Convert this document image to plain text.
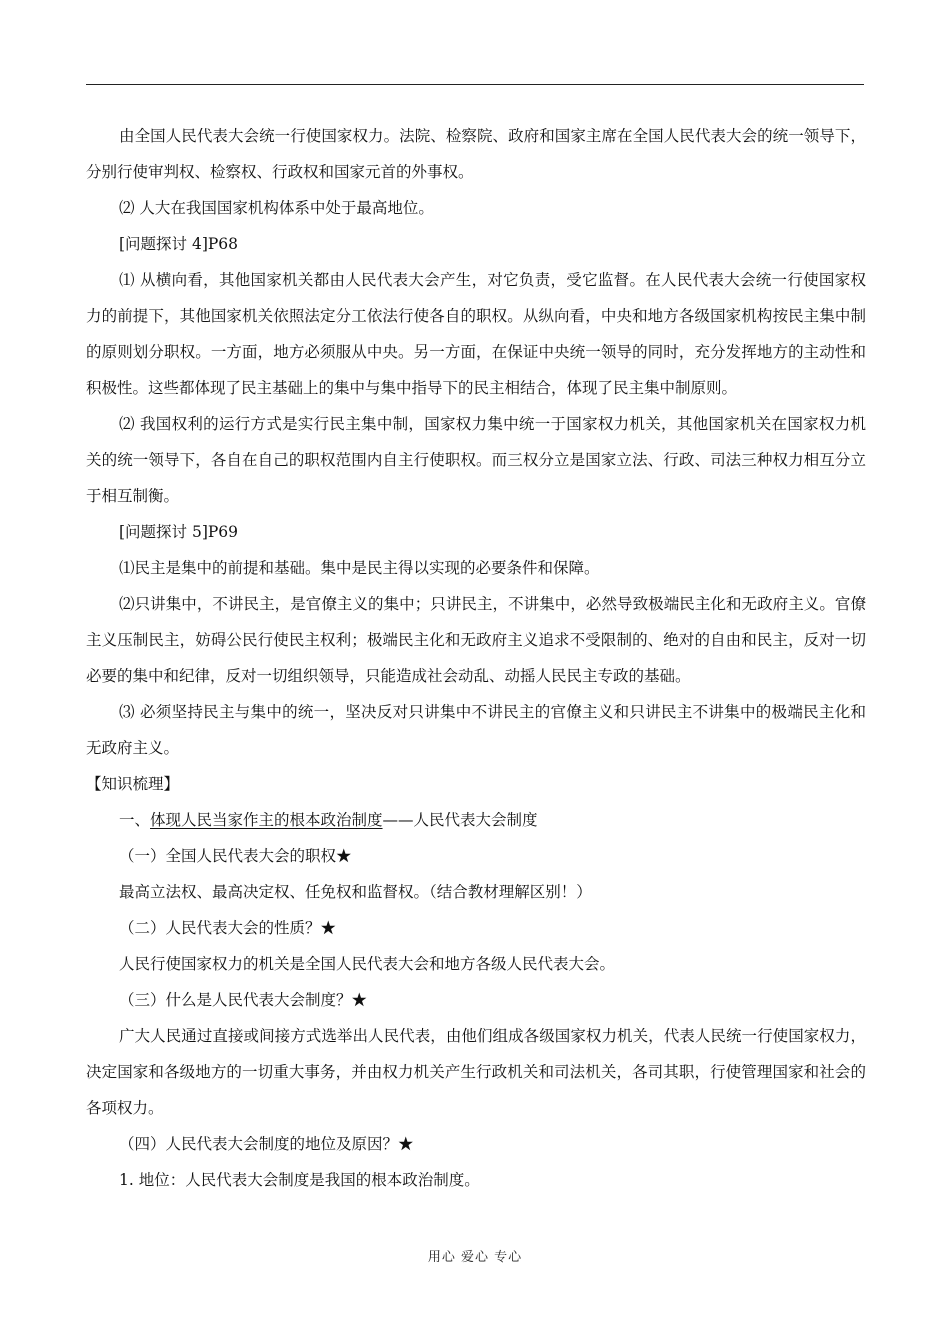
由全国人民代表大会统一行使国家权力。法院、检察院、政府和国家主席在全国人民代表大会的统一领导下，分别行使审判权、检察权、行政权和国家元首的外事权。

⑵ 人大在我国国家机构体系中处于最高地位。

[问题探讨 4]P68

⑴ 从横向看，其他国家机关都由人民代表大会产生，对它负责，受它监督。在人民代表大会统一行使国家权力的前提下，其他国家机关依照法定分工依法行使各自的职权。从纵向看，中央和地方各级国家机构按民主集中制的原则划分职权。一方面，地方必须服从中央。另一方面，在保证中央统一领导的同时，充分发挥地方的主动性和积极性。这些都体现了民主基础上的集中与集中指导下的民主相结合，体现了民主集中制原则。

⑵ 我国权利的运行方式是实行民主集中制，国家权力集中统一于国家权力机关，其他国家机关在国家权力机关的统一领导下，各自在自己的职权范围内自主行使职权。而三权分立是国家立法、行政、司法三种权力相互分立于相互制衡。

[问题探讨 5]P69

⑴民主是集中的前提和基础。集中是民主得以实现的必要条件和保障。

⑵只讲集中，不讲民主，是官僚主义的集中；只讲民主，不讲集中，必然导致极端民主化和无政府主义。官僚主义压制民主，妨碍公民行使民主权利；极端民主化和无政府主义追求不受限制的、绝对的自由和民主，反对一切必要的集中和纪律，反对一切组织领导，只能造成社会动乱、动摇人民民主专政的基础。

⑶ 必须坚持民主与集中的统一，坚决反对只讲集中不讲民主的官僚主义和只讲民主不讲集中的极端民主化和无政府主义。

【知识梳理】

一、体现人民当家作主的根本政治制度——人民代表大会制度

（一）全国人民代表大会的职权★

最高立法权、最高决定权、任免权和监督权。（结合教材理解区别！）

（二）人民代表大会的性质？★

人民行使国家权力的机关是全国人民代表大会和地方各级人民代表大会。

（三）什么是人民代表大会制度？★

广大人民通过直接或间接方式选举出人民代表，由他们组成各级国家权力机关，代表人民统一行使国家权力，决定国家和各级地方的一切重大事务，并由权力机关产生行政机关和司法机关，各司其职，行使管理国家和社会的各项权力。

（四）人民代表大会制度的地位及原因？★

1. 地位：人民代表大会制度是我国的根本政治制度。

用心 爱心 专心
